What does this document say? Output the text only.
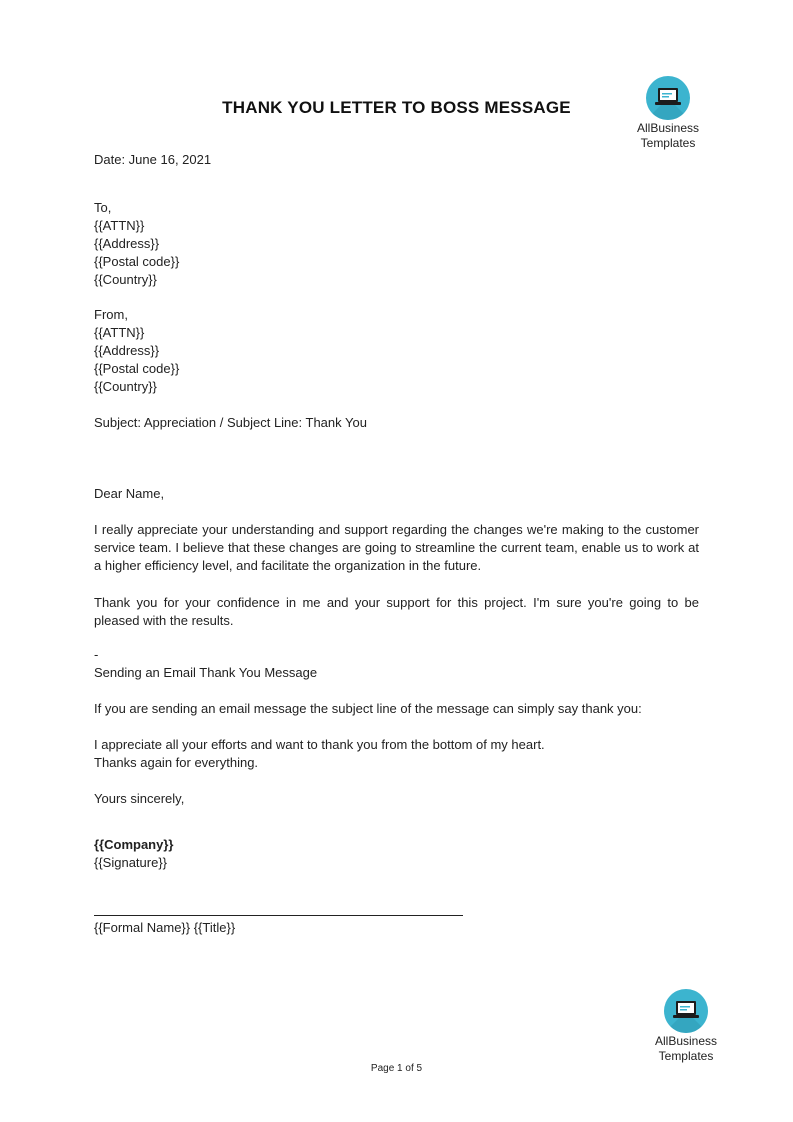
THANK YOU LETTER TO BOSS MESSAGE
AllBusiness
Templates

Date: June 16, 2021

To,

{{ATTN}}

{{Address}}

{{Postal code}}

{{Country}}

From,

{{ATTN}}

{{Address}}

{{Postal code}}

{{Country}}

Subject: Appreciation / Subject Line: Thank You

Dear Name,

I really appreciate your understanding and support regarding the changes we're making to the customer service team. I believe that these changes are going to streamline the current team, enable us to work at a higher efficiency level, and facilitate the organization in the future.

Thank you for your confidence in me and your support for this project. I'm sure you're going to be pleased with the results.

-

Sending an Email Thank You Message

If you are sending an email message the subject line of the message can simply say thank you:

I appreciate all your efforts and want to thank you from the bottom of my heart.

Thanks again for everything.

Yours sincerely,

{{Company}}

{{Signature}}

{{Formal Name}} {{Title}}

AllBusiness
Templates
Page 1 of 5
